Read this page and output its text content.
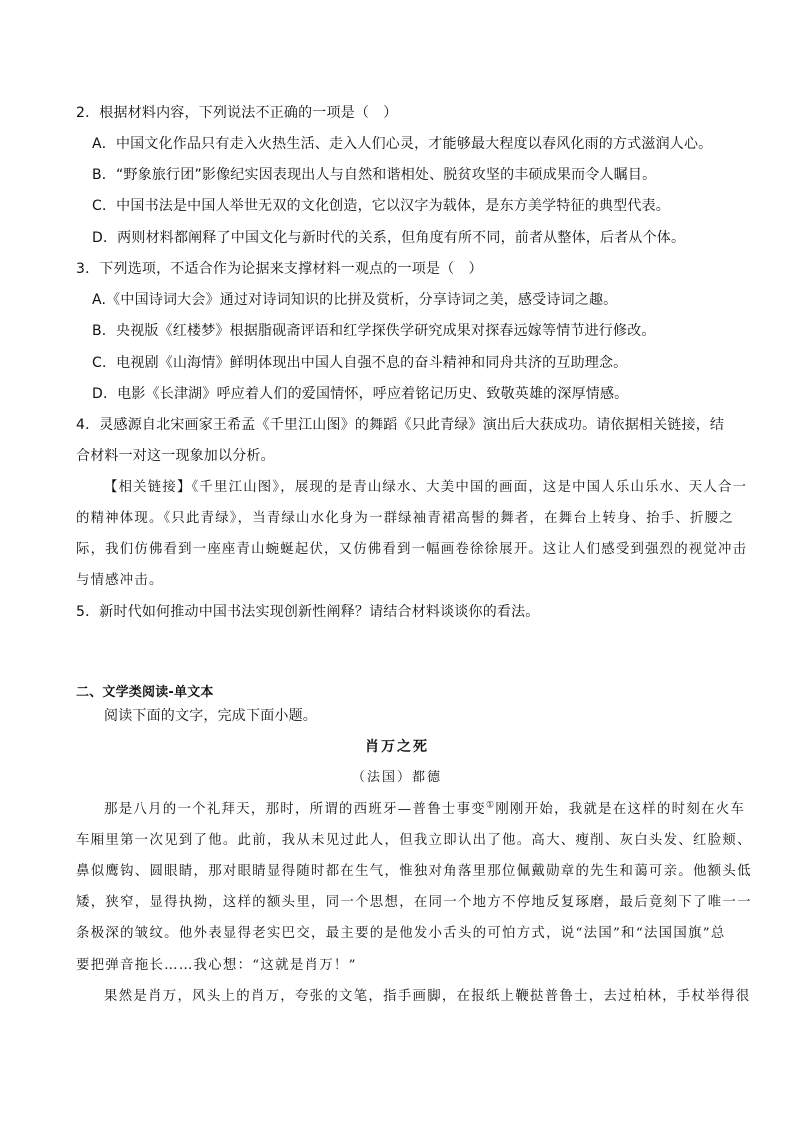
2．根据材料内容，下列说法不正确的一项是（　）
A．中国文化作品只有走入火热生活、走入人们心灵，才能够最大程度以春风化雨的方式滋润人心。
B．“野象旅行团”影像纪实因表现出人与自然和谐相处、脱贫攻坚的丰硕成果而令人瞩目。
C．中国书法是中国人举世无双的文化创造，它以汉字为载体，是东方美学特征的典型代表。
D．两则材料都阐释了中国文化与新时代的关系，但角度有所不同，前者从整体，后者从个体。
3．下列选项，不适合作为论据来支撑材料一观点的一项是（　）
A.《中国诗词大会》通过对诗词知识的比拼及赏析，分享诗词之美，感受诗词之趣。
B．央视版《红楼梦》根据脂砚斋评语和红学探佚学研究成果对探春远嫁等情节进行修改。
C．电视剧《山海情》鲜明体现出中国人自强不息的奋斗精神和同舟共济的互助理念。
D．电影《长津湖》呼应着人们的爱国情怀，呼应着铭记历史、致敬英雄的深厚情感。
4．灵感源自北宋画家王希孟《千里江山图》的舞蹈《只此青绿》演出后大获成功。请依据相关链接，结
合材料一对这一现象加以分析。
【相关链接】《千里江山图》，展现的是青山绿水、大美中国的画面，这是中国人乐山乐水、天人合一
的精神体现。《只此青绿》，当青绿山水化身为一群绿袖青裙高髻的舞者，在舞台上转身、抬手、折腰之
际，我们仿佛看到一座座青山蜿蜒起伏，又仿佛看到一幅画卷徐徐展开。这让人们感受到强烈的视觉冲击
与情感冲击。
5．新时代如何推动中国书法实现创新性阐释？请结合材料谈谈你的看法。
二、文学类阅读-单文本
阅读下面的文字，完成下面小题。
肖万之死
（法国）都德
那是八月的一个礼拜天，那时，所谓的西班牙—普鲁士事变①刚刚开始，我就是在这样的时刻在火车
车厢里第一次见到了他。此前，我从未见过此人，但我立即认出了他。高大、瘦削、灰白头发、红脸颊、
鼻似鹰钩、圆眼睛，那对眼睛显得随时都在生气，惟独对角落里那位佩戴勋章的先生和蔼可亲。他额头低
矮，狭窄，显得执拗，这样的额头里，同一个思想，在同一个地方不停地反复琢磨，最后竟刻下了唯一一
条极深的皱纹。他外表显得老实巴交，最主要的是他发小舌头的可怕方式，说“法国”和“法国国旗”总
要把弹音拖长……我心想：“这就是肖万！”
果然是肖万，风头上的肖万，夸张的文笔，指手画脚，在报纸上鞭挞普鲁士，去过柏林，手杖举得很
